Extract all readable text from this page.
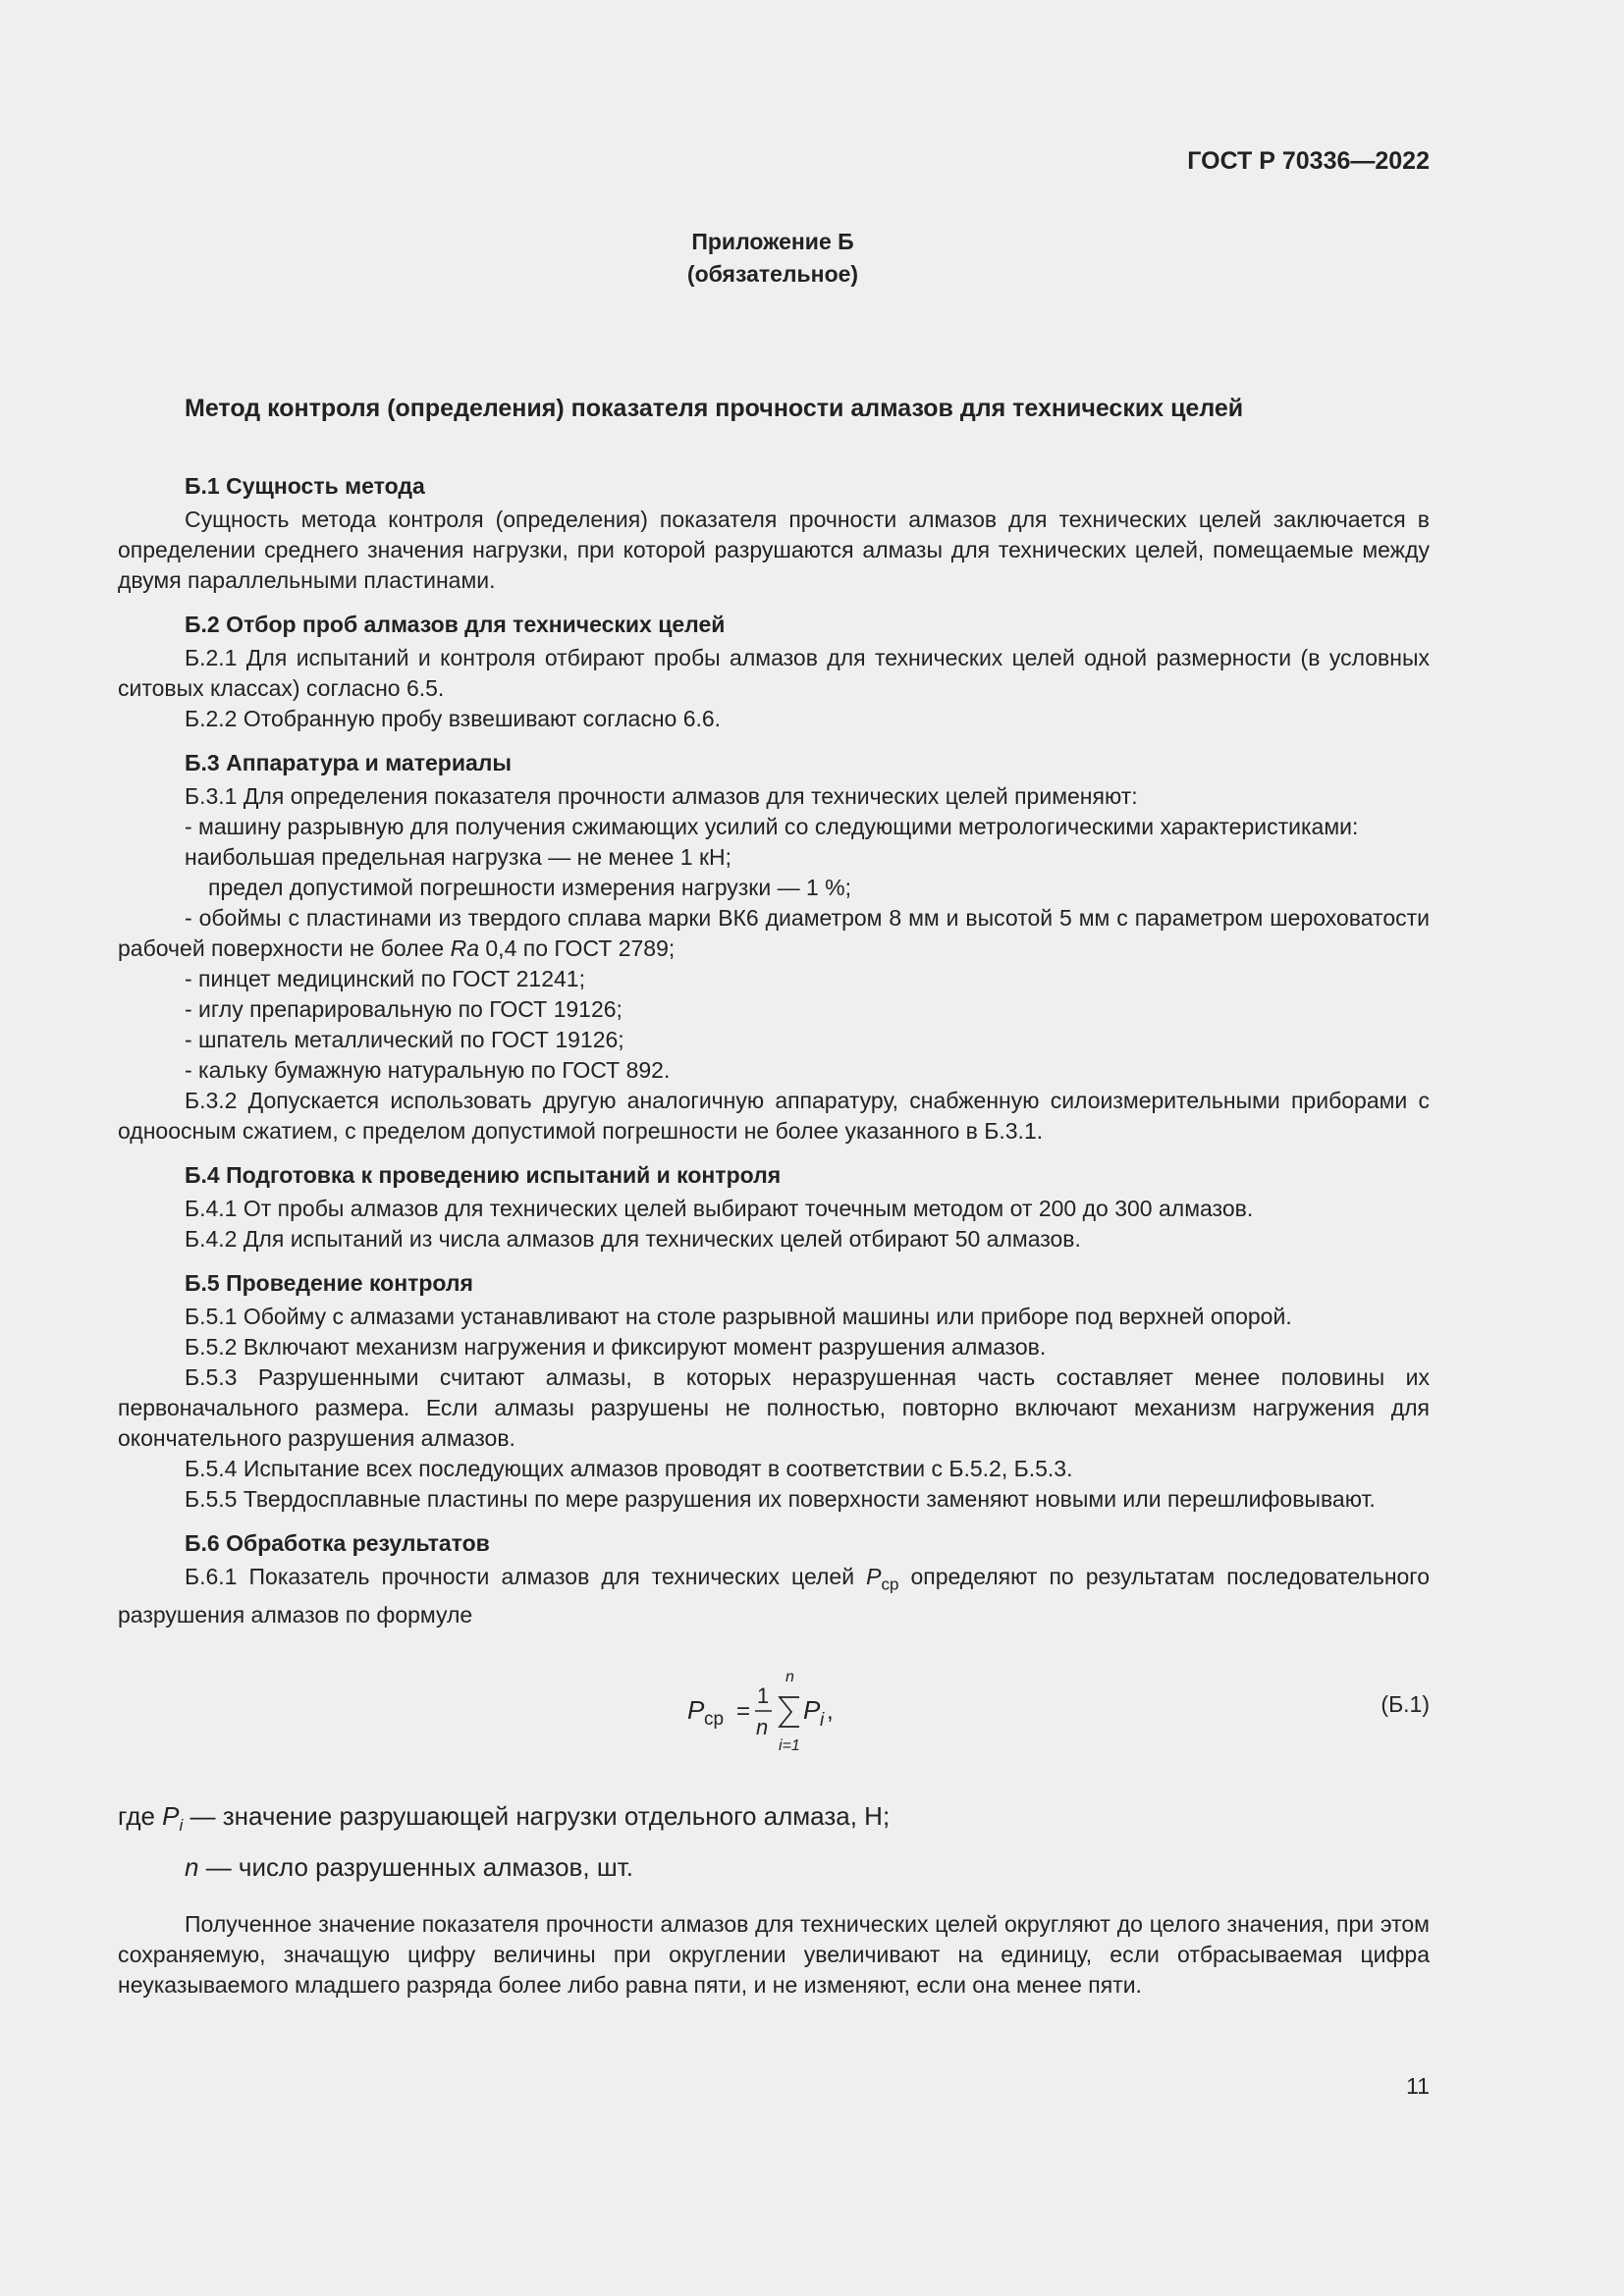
ГОСТ Р 70336—2022
Приложение Б
(обязательное)
Метод контроля (определения) показателя прочности алмазов для технических целей

Б.1 Сущность метода

Сущность метода контроля (определения) показателя прочности алмазов для технических целей заключается в определении среднего значения нагрузки, при которой разрушаются алмазы для технических целей, помещаемые между двумя параллельными пластинами.

Б.2 Отбор проб алмазов для технических целей

Б.2.1 Для испытаний и контроля отбирают пробы алмазов для технических целей одной размерности (в условных ситовых классах) согласно 6.5.

Б.2.2 Отобранную пробу взвешивают согласно 6.6.

Б.3 Аппаратура и материалы

Б.3.1 Для определения показателя прочности алмазов для технических целей применяют:

- машину разрывную для получения сжимающих усилий со следующими метрологическими характеристиками:

наибольшая предельная нагрузка — не менее 1 кН;

предел допустимой погрешности измерения нагрузки — 1 %;

- обоймы с пластинами из твердого сплава марки ВК6 диаметром 8 мм и высотой 5 мм с параметром шероховатости рабочей поверхности не более Ra 0,4 по ГОСТ 2789;

- пинцет медицинский по ГОСТ 21241;

- иглу препарировальную по ГОСТ 19126;

- шпатель металлический по ГОСТ 19126;

- кальку бумажную натуральную по ГОСТ 892.

Б.3.2 Допускается использовать другую аналогичную аппаратуру, снабженную силоизмерительными приборами с одноосным сжатием, с пределом допустимой погрешности не более указанного в Б.3.1.

Б.4 Подготовка к проведению испытаний и контроля

Б.4.1 От пробы алмазов для технических целей выбирают точечным методом от 200 до 300 алмазов.

Б.4.2 Для испытаний из числа алмазов для технических целей отбирают 50 алмазов.

Б.5 Проведение контроля

Б.5.1 Обойму с алмазами устанавливают на столе разрывной машины или приборе под верхней опорой.

Б.5.2 Включают механизм нагружения и фиксируют момент разрушения алмазов.

Б.5.3 Разрушенными считают алмазы, в которых неразрушенная часть составляет менее половины их первоначального размера. Если алмазы разрушены не полностью, повторно включают механизм нагружения для окончательного разрушения алмазов.

Б.5.4 Испытание всех последующих алмазов проводят в соответствии с Б.5.2, Б.5.3.

Б.5.5 Твердосплавные пластины по мере разрушения их поверхности заменяют новыми или перешлифовывают.

Б.6 Обработка результатов

Б.6.1 Показатель прочности алмазов для технических целей $P_{ср}$ определяют по результатам последовательного разрушения алмазов по формуле

P ср =
1
n
n
i=1
P i ,	(Б.1)

где $P_i$ — значение разрушающей нагрузки отдельного алмаза, Н;

n — число разрушенных алмазов, шт.

Полученное значение показателя прочности алмазов для технических целей округляют до целого значения, при этом сохраняемую, значащую цифру величины при округлении увеличивают на единицу, если отбрасываемая цифра неуказываемого младшего разряда более либо равна пяти, и не изменяют, если она менее пяти.

11
